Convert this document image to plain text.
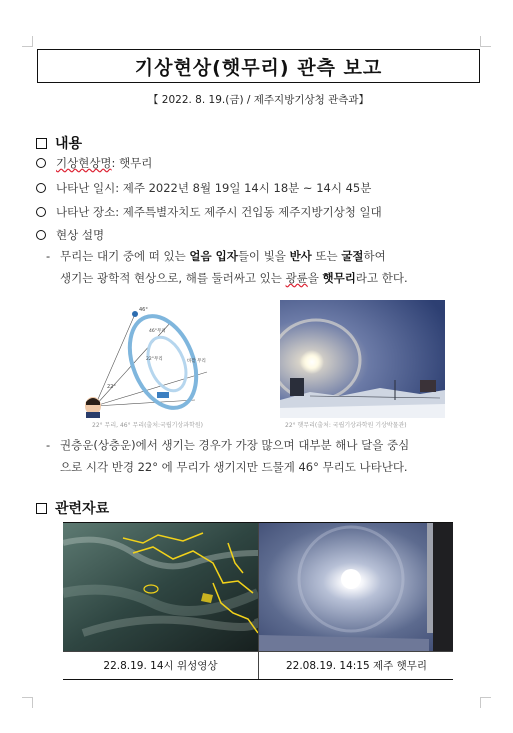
기상현상(햇무리) 관측 보고
【 2022. 8. 19.(금) / 제주지방기상청 관측과】
내용
기상현상명 : 햇무리
나타난 일시 : 제주 2022년 8월 19일 14시 18분 ~ 14시 45분
나타난 장소 : 제주특별자치도 제주시 건입동 제주지방기상청 일대
현상 설명
- 무리는 대기 중에 떠 있는 얼음 입자들이 빛을 반사 또는 굴절하여
생기는 광학적 현상으로, 해를 둘러싸고 있는 광륜을 햇무리라고 한다.
46°
46°무리
22°무리
22°
바깥 무리
22° 무리, 46° 무리(출처:국립기상과학원)	22° 햇무리(출처: 국립기상과학원 기상박물관)
- 권층운(상층운)에서 생기는 경우가 가장 많으며 대부분 해나 달을 중심
으로 시각 반경 22° 에 무리가 생기지만 드물게 46° 무리도 나타난다.
관련자료
22.8.19. 14시 위성영상	22.08.19. 14:15 제주 햇무리
